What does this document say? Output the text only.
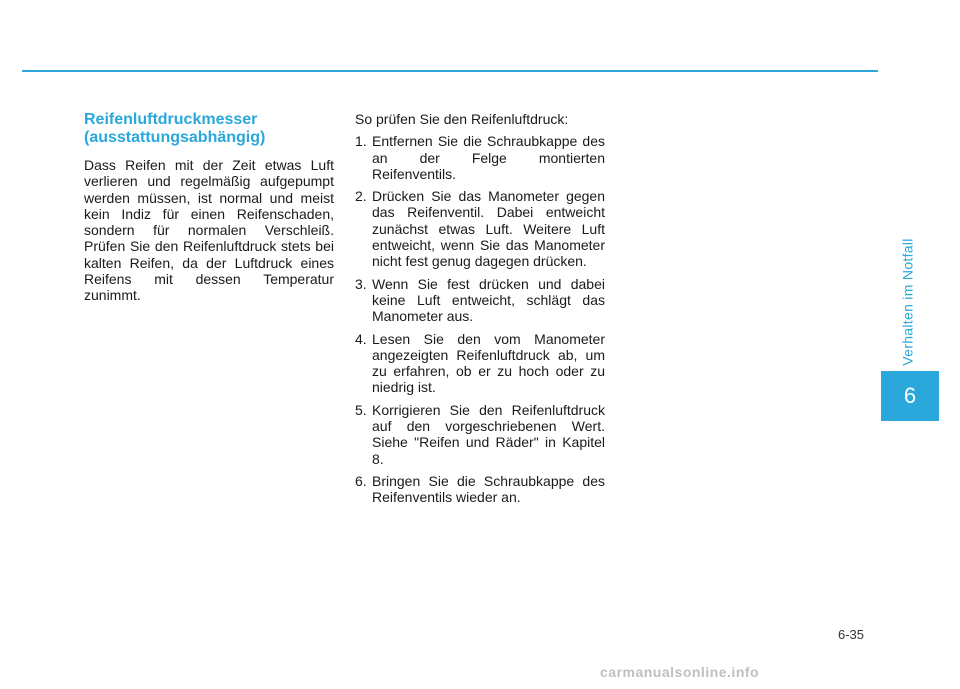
Verhalten im Notfall
6
Reifenluftdruckmesser
(ausstattungsabhängig)

Dass Reifen mit der Zeit etwas Luft verlieren und regelmäßig aufgepumpt werden müssen, ist normal und meist kein Indiz für einen Reifenschaden, sondern für normalen Verschleiß. Prüfen Sie den Reifenluftdruck stets bei kalten Reifen, da der Luftdruck eines Reifens mit dessen Temperatur zunimmt.

So prüfen Sie den Reifenluftdruck:

1. Entfernen Sie die Schraubkappe des an der Felge montierten Reifenventils.
2. Drücken Sie das Manometer gegen das Reifenventil. Dabei entweicht zunächst etwas Luft. Weitere Luft entweicht, wenn Sie das Manometer nicht fest genug dagegen drücken.
3. Wenn Sie fest drücken und dabei keine Luft entweicht, schlägt das Manometer aus.
4. Lesen Sie den vom Manometer angezeigten Reifenluftdruck ab, um zu erfahren, ob er zu hoch oder zu niedrig ist.
5. Korrigieren Sie den Reifenluftdruck auf den vorgeschriebenen Wert. Siehe "Reifen und Räder" in Kapitel 8.
6. Bringen Sie die Schraubkappe des Reifenventils wieder an.
6-35
carmanualsonline.info
